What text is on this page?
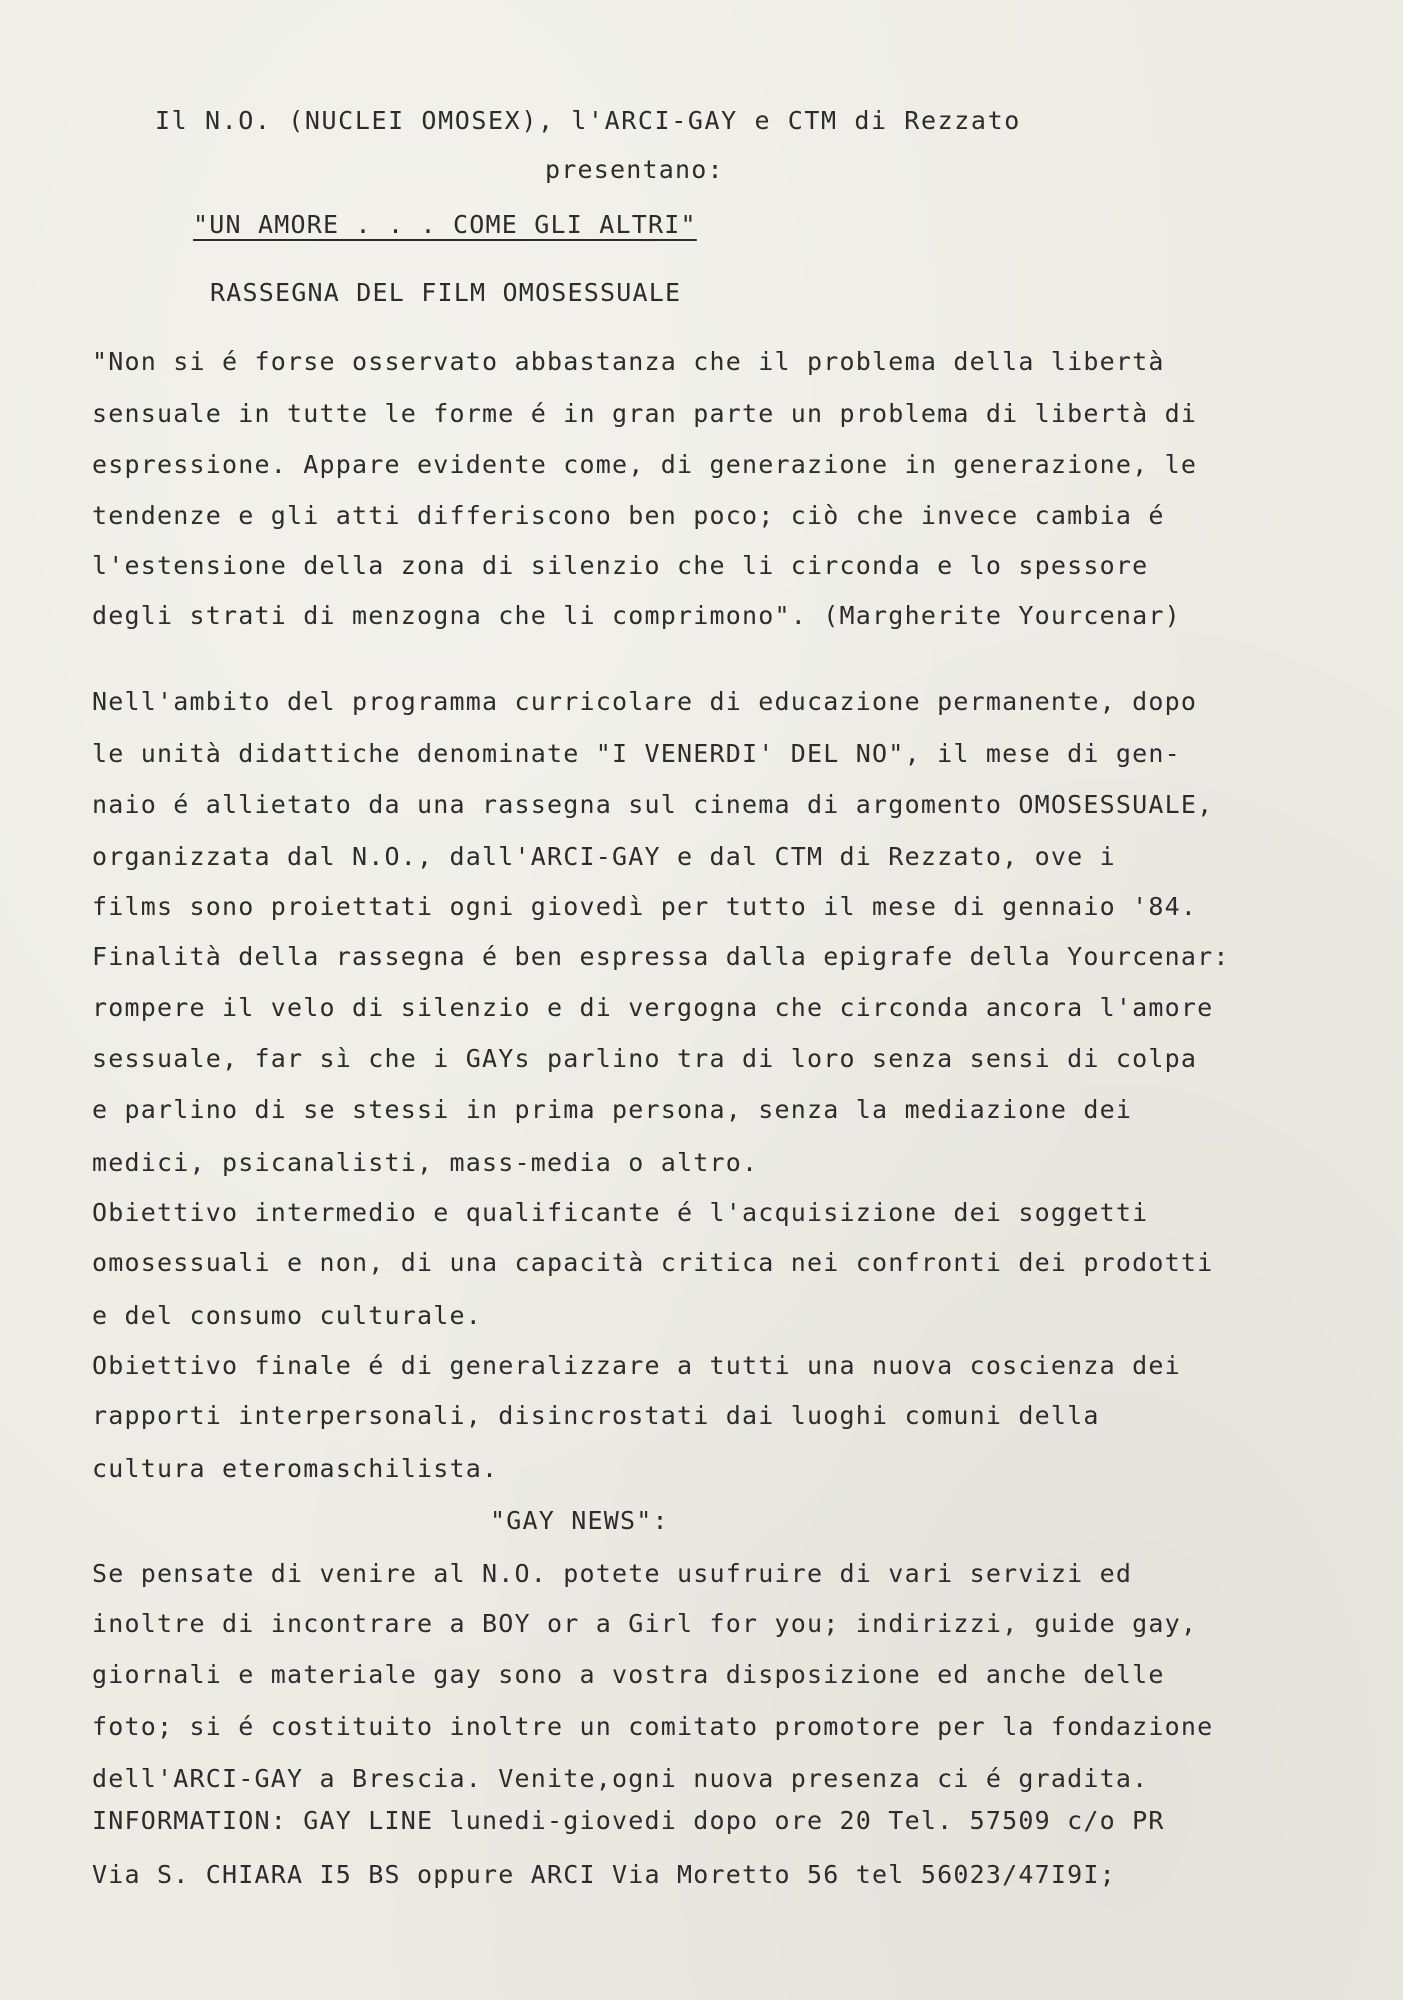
Il N.O. (NUCLEI OMOSEX), l'ARCI-GAY e CTM di Rezzato
presentano:
"UN AMORE . . . COME GLI ALTRI"
RASSEGNA DEL FILM OMOSESSUALE
"Non si é forse osservato abbastanza che il problema della libertà
sensuale in tutte le forme é in gran parte un problema di libertà di
espressione. Appare evidente come, di generazione in generazione, le
tendenze e gli atti differiscono ben poco; ciò che invece cambia é
l'estensione della zona di silenzio che li circonda e lo spessore
degli strati di menzogna che li comprimono". (Margherite Yourcenar)
Nell'ambito del programma curricolare di educazione permanente, dopo
le unità didattiche denominate "I VENERDI' DEL NO", il mese di gen-
naio é allietato da una rassegna sul cinema di argomento OMOSESSUALE,
organizzata dal N.O., dall'ARCI-GAY e dal CTM di Rezzato, ove i
films sono proiettati ogni giovedì per tutto il mese di gennaio '84.
Finalità della rassegna é ben espressa dalla epigrafe della Yourcenar:
rompere il velo di silenzio e di vergogna che circonda ancora l'amore
sessuale, far sì che i GAYs parlino tra di loro senza sensi di colpa
e parlino di se stessi in prima persona, senza la mediazione dei
medici, psicanalisti, mass-media o altro.
Obiettivo intermedio e qualificante é l'acquisizione dei soggetti
omosessuali e non, di una capacità critica nei confronti dei prodotti
e del consumo culturale.
Obiettivo finale é di generalizzare a tutti una nuova coscienza dei
rapporti interpersonali, disincrostati dai luoghi comuni della
cultura eteromaschilista.
"GAY NEWS":
Se pensate di venire al N.O. potete usufruire di vari servizi ed
inoltre di incontrare a BOY or a Girl for you; indirizzi, guide gay,
giornali e materiale gay sono a vostra disposizione ed anche delle
foto; si é costituito inoltre un comitato promotore per la fondazione
dell'ARCI-GAY a Brescia. Venite,ogni nuova presenza ci é gradita.
INFORMATION: GAY LINE lunedi-giovedi dopo ore 20 Tel. 57509 c/o PR
Via S. CHIARA I5 BS oppure ARCI Via Moretto 56 tel 56023/47I9I;
